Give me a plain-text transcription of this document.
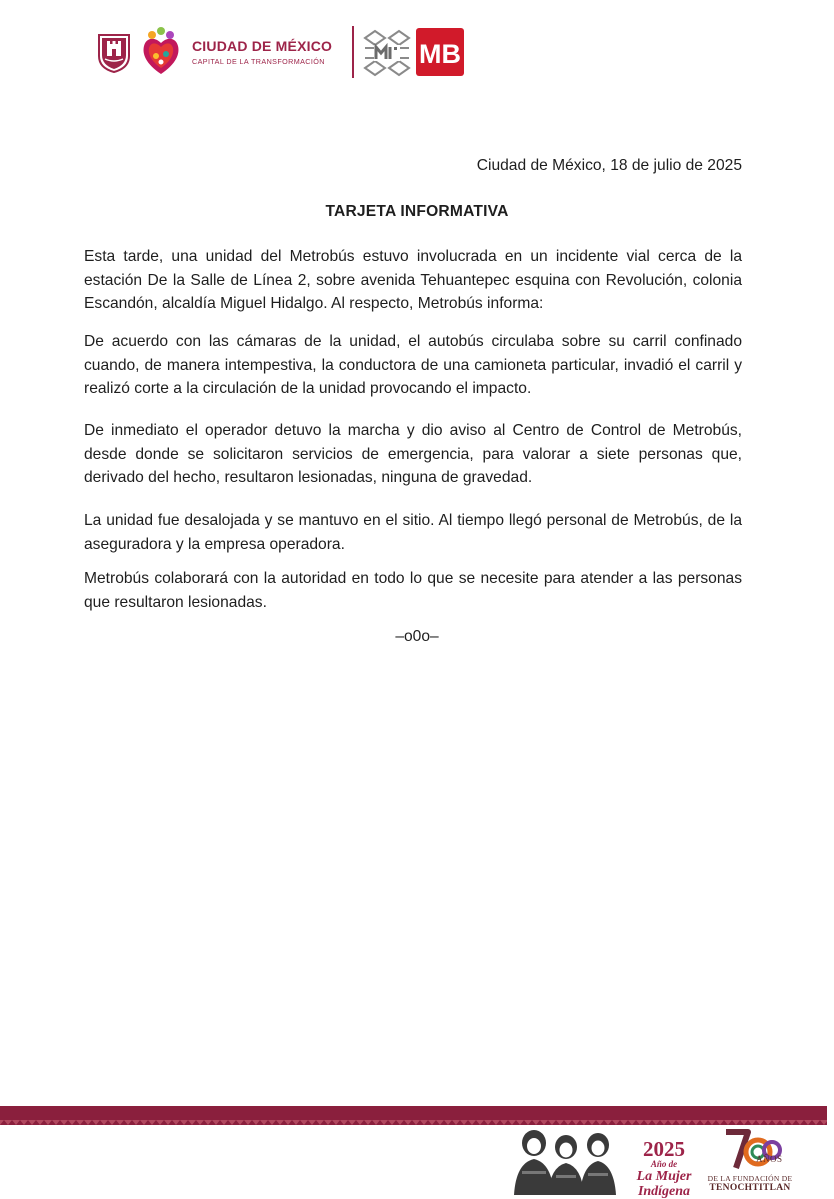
CIUDAD DE MÉXICO
CAPITAL DE LA TRANSFORMACIÓN	MB
Ciudad de México, 18 de julio de 2025
TARJETA INFORMATIVA

Esta tarde, una unidad del Metrobús estuvo involucrada en un incidente vial cerca de la estación De la Salle de Línea 2, sobre avenida Tehuantepec esquina con Revolución, colonia Escandón, alcaldía Miguel Hidalgo. Al respecto, Metrobús informa:

De acuerdo con las cámaras de la unidad, el autobús circulaba sobre su carril confinado cuando, de manera intempestiva, la conductora de una camioneta particular, invadió el carril y realizó corte a la circulación de la unidad provocando el impacto.

De inmediato el operador detuvo la marcha y dio aviso al Centro de Control de Metrobús, desde donde se solicitaron servicios de emergencia, para valorar a siete personas que, derivado del hecho, resultaron lesionadas, ninguna de gravedad.

La unidad fue desalojada y se mantuvo en el sitio. Al tiempo llegó personal de Metrobús, de la aseguradora y la empresa operadora.

Metrobús colaborará con la autoridad en todo lo que se necesite para atender a las personas que resultaron lesionadas.

–o0o–
2025
Año de
La Mujer
Indígena
AÑOS
DE LA FUNDACIÓN DE
TENOCHTITLAN
